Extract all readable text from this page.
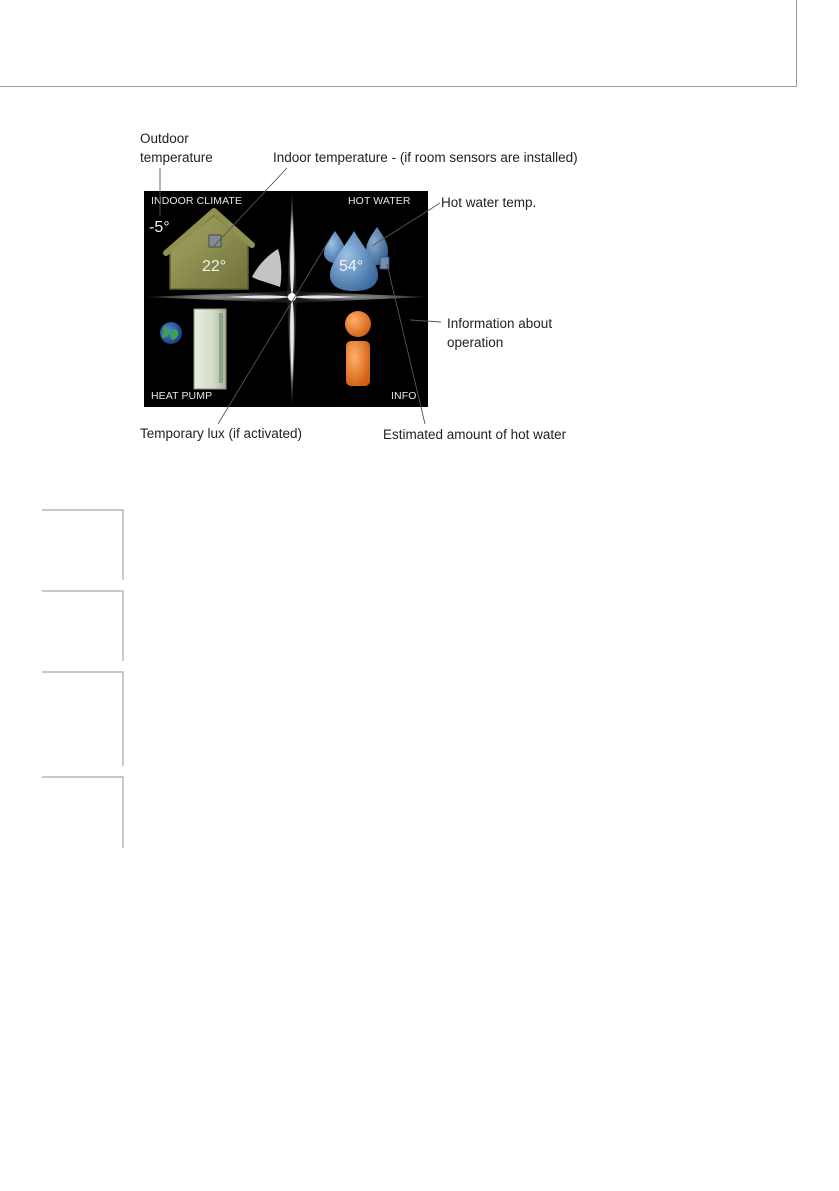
Outdoor
temperature	Indoor temperature - (if room sensors are installed)
Hot water temp.
Information about
operation
Temporary lux (if activated)	Estimated amount of hot water
INDOOR CLIMATE	HOT WATER
HEAT PUMP	INFO
-5°
22°	54°
